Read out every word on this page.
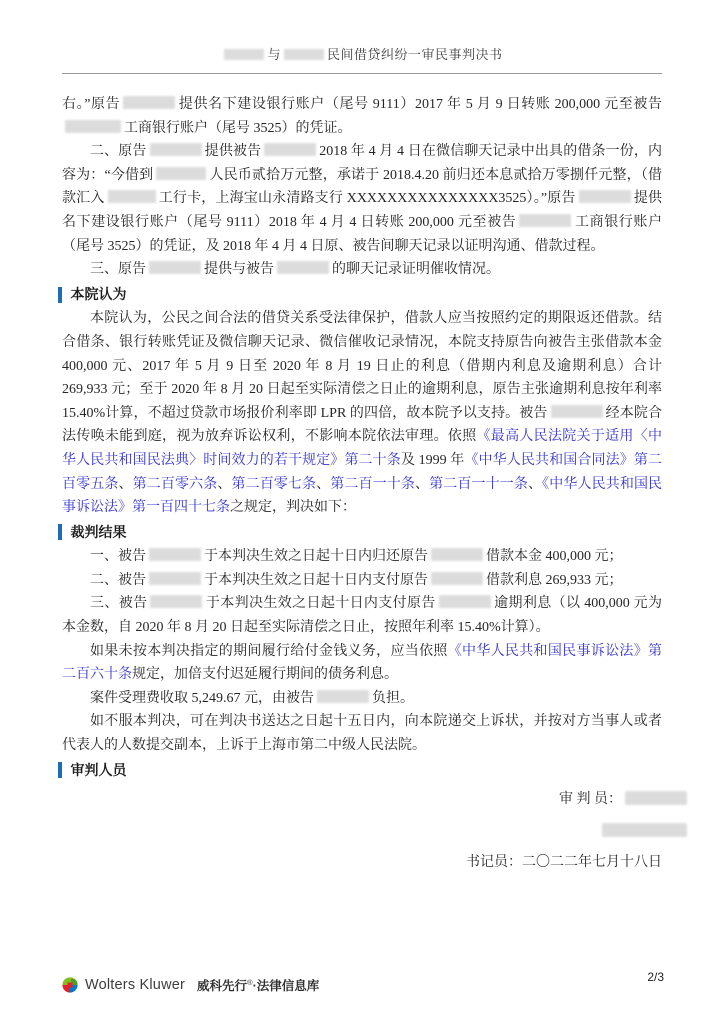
与	民间借贷纠纷一审民事判决书

右。”原告	提供名下建设银行账户（尾号 9111）2017 年 5 月 9 日转账 200,000 元至被告工商银行账户（尾号 3525）的凭证。

二、原告	提供被告	2018 年 4 月 4 日在微信聊天记录中出具的借条一份，内容为：“今借到	人民币贰拾万元整，承诺于 2018.4.20 前归还本息贰拾万零捌仟元整，（借款汇入	工行卡，上海宝山永清路支行 XXXXXXXXXXXXXXX3525）。”原告	提供名下建设银行账户（尾号 9111）2018 年 4 月 4 日转账 200,000 元至被告	工商银行账户（尾号 3525）的凭证，及 2018 年 4 月 4 日原、被告间聊天记录以证明沟通、借款过程。

三、原告	提供与被告	的聊天记录证明催收情况。

本院认为

本院认为，公民之间合法的借贷关系受法律保护，借款人应当按照约定的期限返还借款。结合借条、银行转账凭证及微信聊天记录、微信催收记录情况，本院支持原告向被告主张借款本金 400,000 元、2017 年 5 月 9 日至 2020 年 8 月 19 日止的利息（借期内利息及逾期利息）合计 269,933 元；至于 2020 年 8 月 20 日起至实际清偿之日止的逾期利息，原告主张逾期利息按年利率 15.40%计算，不超过贷款市场报价利率即 LPR 的四倍，故本院予以支持。被告	经本院合法传唤未能到庭，视为放弃诉讼权利，不影响本院依法审理。依照《最高人民法院关于适用〈中华人民共和国民法典〉时间效力的若干规定》第二十条及 1999 年《中华人民共和国合同法》第二百零五条、第二百零六条、第二百零七条、第二百一十条、第二百一十一条、《中华人民共和国民事诉讼法》第一百四十七条之规定，判决如下：

裁判结果

一、被告	于本判决生效之日起十日内归还原告	借款本金 400,000 元；

二、被告	于本判决生效之日起十日内支付原告	借款利息 269,933 元；

三、被告	于本判决生效之日起十日内支付原告	逾期利息（以 400,000 元为本金数，自 2020 年 8 月 20 日起至实际清偿之日止，按照年利率 15.40%计算）。

如果未按本判决指定的期间履行给付金钱义务，应当依照《中华人民共和国民事诉讼法》第二百六十条规定，加倍支付迟延履行期间的债务利息。

案件受理费收取 5,249.67 元，由被告	负担。

如不服本判决，可在判决书送达之日起十五日内，向本院递交上诉状，并按对方当事人或者代表人的人数提交副本，上诉于上海市第二中级人民法院。

审判人员
审 判 员：
书记员：二〇二二年七月十八日
Wolters Kluwer 威科先行®·法律信息库
2/3
